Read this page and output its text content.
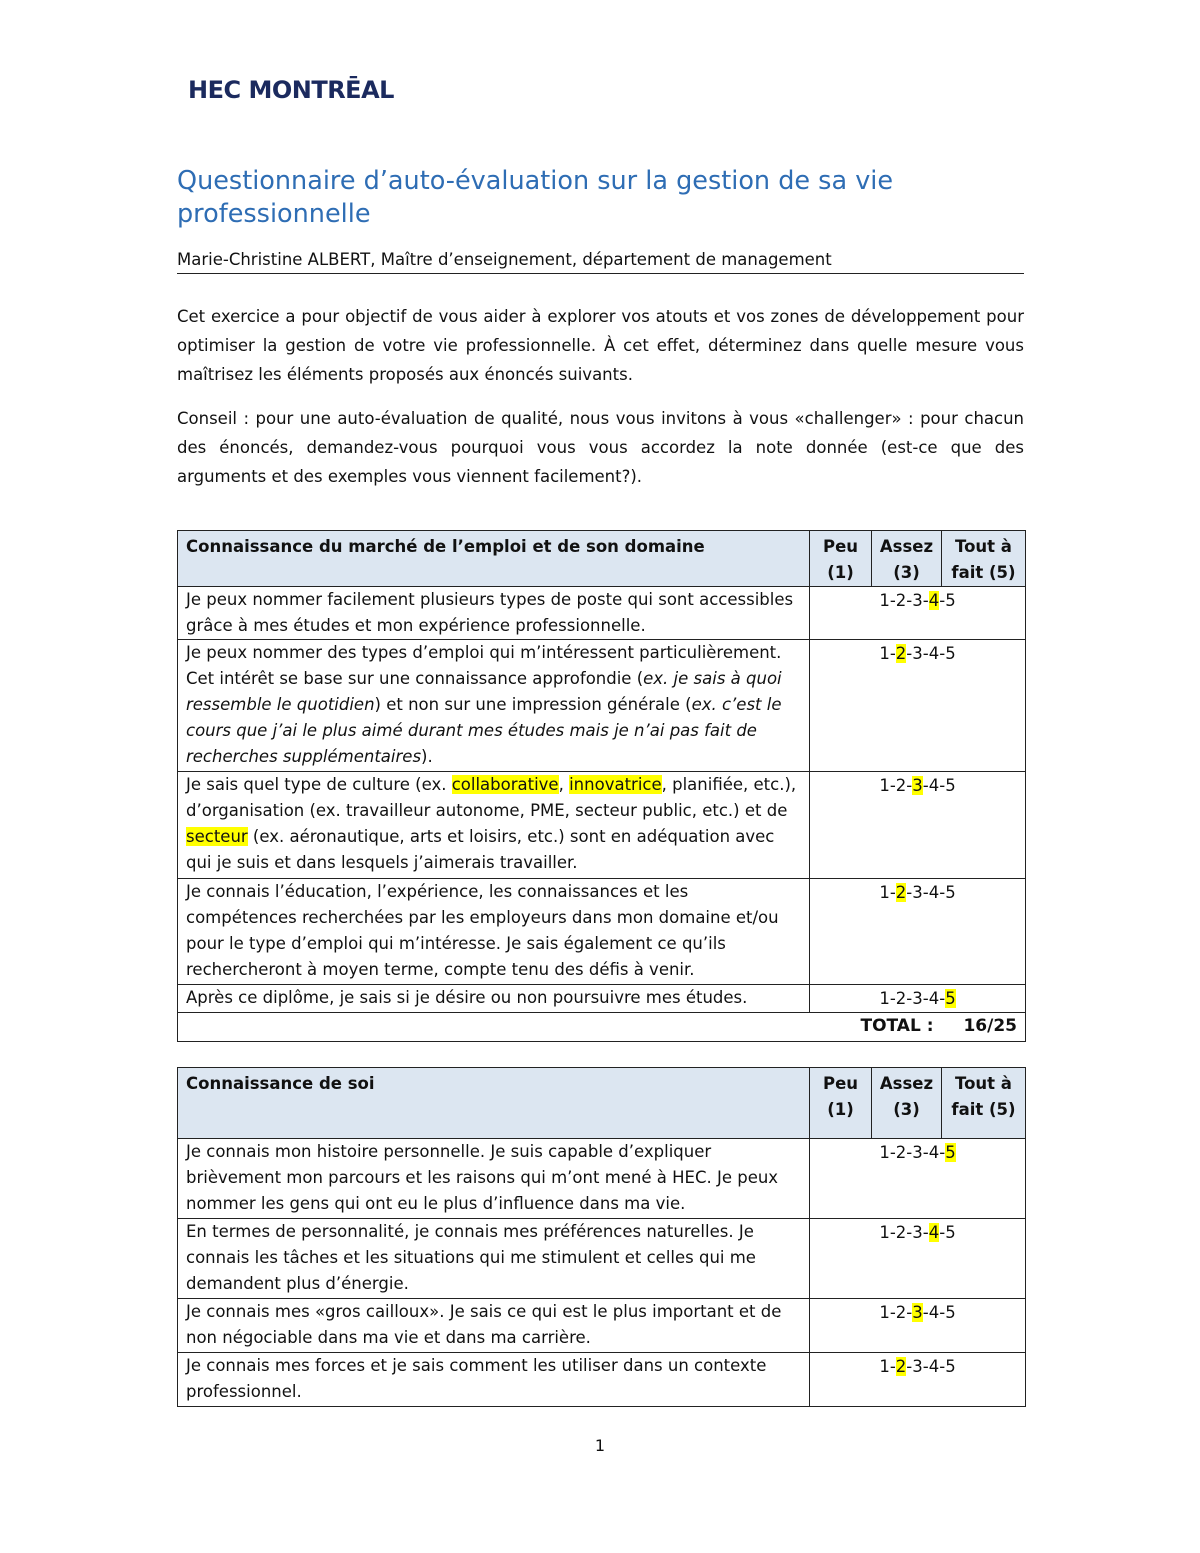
HEC MONTRĒAL
Questionnaire d’auto-évaluation sur la gestion de sa vie professionnelle
Marie-Christine ALBERT, Maître d’enseignement, département de management

Cet exercice a pour objectif de vous aider à explorer vos atouts et vos zones de développement pour optimiser la gestion de votre vie professionnelle. À cet effet, déterminez dans quelle mesure vous maîtrisez les éléments proposés aux énoncés suivants.

Conseil : pour une auto-évaluation de qualité, nous vous invitons à vous «challenger» : pour chacun des énoncés, demandez-vous pourquoi vous vous accordez la note donnée (est-ce que des arguments et des exemples vous viennent facilement?).

Connaissance du marché de l’emploi et de son domaine	Peu (1)	Assez (3)	Tout à fait (5)
Je peux nommer facilement plusieurs types de poste qui sont accessibles grâce à mes études et mon expérience professionnelle.	1-2-3-4-5		
Je peux nommer des types d’emploi qui m’intéressent particulièrement. Cet intérêt se base sur une connaissance approfondie (ex. je sais à quoi ressemble le quotidien) et non sur une impression générale (ex. c’est le cours que j’ai le plus aimé durant mes études mais je n’ai pas fait de recherches supplémentaires).	1-2-3-4-5		
Je sais quel type de culture (ex. collaborative, innovatrice, planifiée, etc.), d’organisation (ex. travailleur autonome, PME, secteur public, etc.) et de secteur (ex. aéronautique, arts et loisirs, etc.) sont en adéquation avec qui je suis et dans lesquels j’aimerais travailler.	1-2-3-4-5		
Je connais l’éducation, l’expérience, les connaissances et les compétences recherchées par les employeurs dans mon domaine et/ou pour le type d’emploi qui m’intéresse. Je sais également ce qu’ils rechercheront à moyen terme, compte tenu des défis à venir.	1-2-3-4-5		
Après ce diplôme, je sais si je désire ou non poursuivre mes études.	1-2-3-4-5		
TOTAL :			16/25
Connaissance de soi	Peu (1)	Assez (3)	Tout à fait (5)
Je connais mon histoire personnelle. Je suis capable d’expliquer brièvement mon parcours et les raisons qui m’ont mené à HEC. Je peux nommer les gens qui ont eu le plus d’influence dans ma vie.	1-2-3-4-5		
En termes de personnalité, je connais mes préférences naturelles. Je connais les tâches et les situations qui me stimulent et celles qui me demandent plus d’énergie.	1-2-3-4-5		
Je connais mes «gros cailloux». Je sais ce qui est le plus important et de non négociable dans ma vie et dans ma carrière.	1-2-3-4-5		
Je connais mes forces et je sais comment les utiliser dans un contexte professionnel.	1-2-3-4-5		
1
